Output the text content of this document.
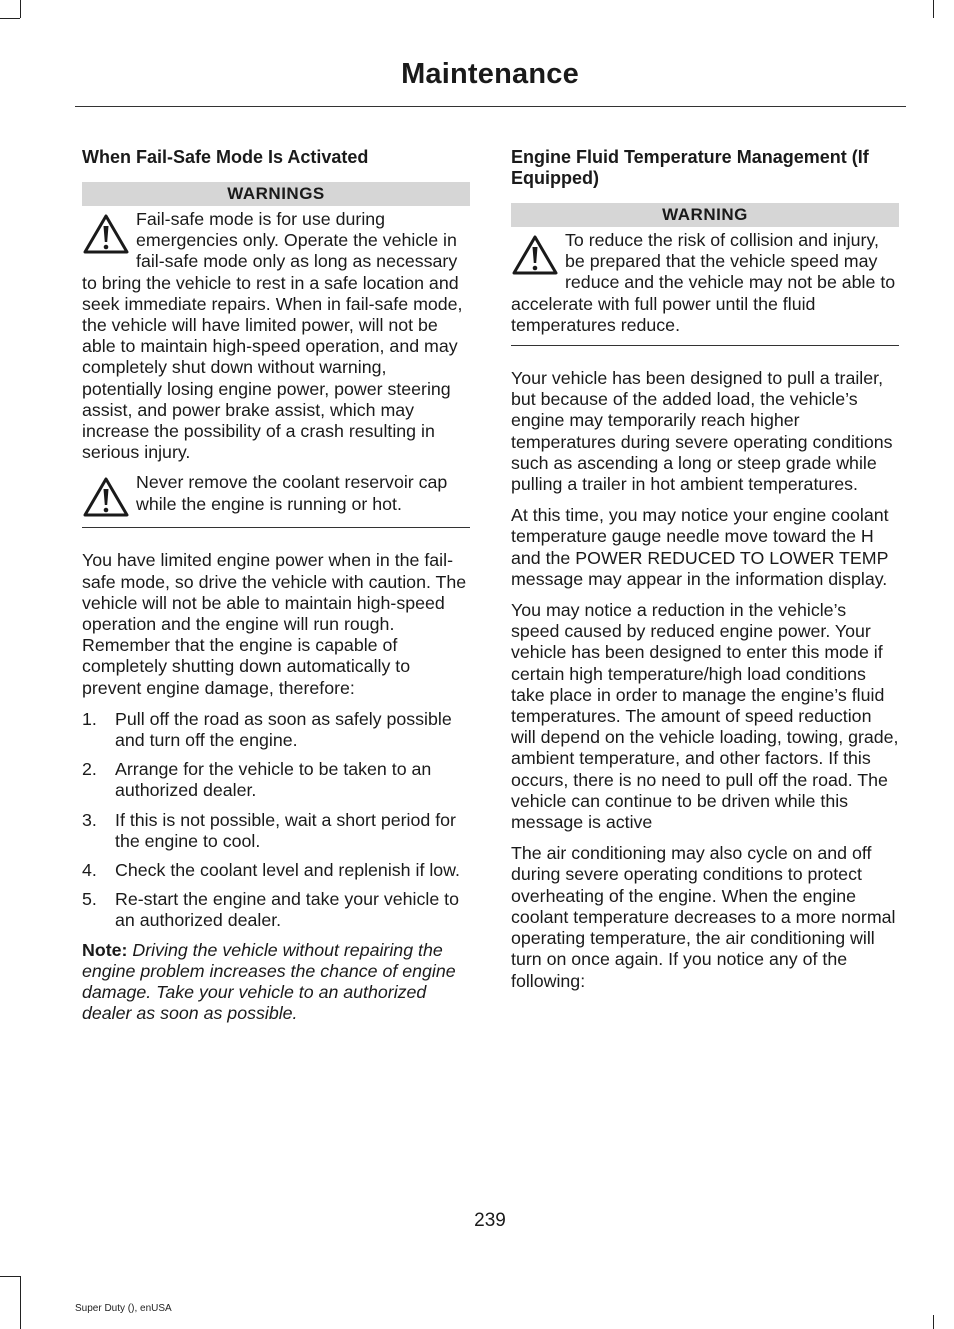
Maintenance
When Fail-Safe Mode Is Activated
WARNINGS
Fail-safe mode is for use during emergencies only. Operate the vehicle in fail-safe mode only as long as necessary to bring the vehicle to rest in a safe location and seek immediate repairs. When in fail-safe mode, the vehicle will have limited power, will not be able to maintain high-speed operation, and may completely shut down without warning, potentially losing engine power, power steering assist, and power brake assist, which may increase the possibility of a crash resulting in serious injury.
Never remove the coolant reservoir cap while the engine is running or hot.

You have limited engine power when in the fail-safe mode, so drive the vehicle with caution. The vehicle will not be able to maintain high-speed operation and the engine will run rough. Remember that the engine is capable of completely shutting down automatically to prevent engine damage, therefore:

1.	Pull off the road as soon as safely possible and turn off the engine.
2.	Arrange for the vehicle to be taken to an authorized dealer.
3.	If this is not possible, wait a short period for the engine to cool.
4.	Check the coolant level and replenish if low.
5.	Re-start the engine and take your vehicle to an authorized dealer.

Note: Driving the vehicle without repairing the engine problem increases the chance of engine damage. Take your vehicle to an authorized dealer as soon as possible.

Engine Fluid Temperature Management (If Equipped)
WARNING
To reduce the risk of collision and injury, be prepared that the vehicle speed may reduce and the vehicle may not be able to accelerate with full power until the fluid temperatures reduce.

Your vehicle has been designed to pull a trailer, but because of the added load, the vehicle’s engine may temporarily reach higher temperatures during severe operating conditions such as ascending a long or steep grade while pulling a trailer in hot ambient temperatures.

At this time, you may notice your engine coolant temperature gauge needle move toward the H and the POWER REDUCED TO LOWER TEMP message may appear in the information display.

You may notice a reduction in the vehicle’s speed caused by reduced engine power. Your vehicle has been designed to enter this mode if certain high temperature/high load conditions take place in order to manage the engine’s fluid temperatures. The amount of speed reduction will depend on the vehicle loading, towing, grade, ambient temperature, and other factors. If this occurs, there is no need to pull off the road. The vehicle can continue to be driven while this message is active

The air conditioning may also cycle on and off during severe operating conditions to protect overheating of the engine. When the engine coolant temperature decreases to a more normal operating temperature, the air conditioning will turn on once again. If you notice any of the following:

239
Super Duty (), enUSA
